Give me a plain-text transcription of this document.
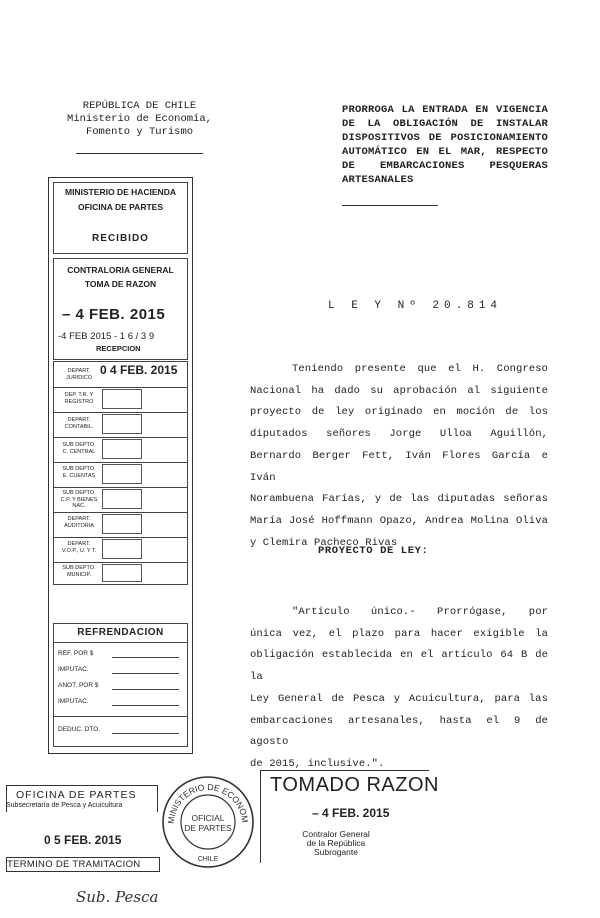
REPÚBLICA DE CHILE
Ministerio de Economía,
Fomento y Turismo
PRORROGA LA ENTRADA EN VIGENCIA DE LA OBLIGACIÓN DE INSTALAR DISPOSITIVOS DE POSICIONAMIENTO AUTOMÁTICO EN EL MAR, RESPECTO DE EMBARCACIONES PESQUERAS ARTESANALES
MINISTERIO DE HACIENDA
OFICINA DE PARTES
RECIBIDO
CONTRALORIA GENERAL
TOMA DE RAZON
– 4 FEB. 2015
-4 FEB 2015 - 1 6 / 3 9
RECEPCION
DEPART. JURIDICO
0 4 FEB. 2015
DEP. T.R. Y REGISTRO
DEPART. CONTABIL.
SUB DEPTO. C. CENTRAL
SUB DEPTO. E. CUENTAS
SUB DEPTO. C.P. Y BIENES NAC.
DEPART. AUDITORIA
DEPART. V.O.P., U. Y T.
SUB DEPTO. MUNICIP.
REFRENDACION
REF. POR $
IMPUTAC.
ANOT. POR $
IMPUTAC.
DEDUC. DTO.
L E Y Nº 20.814
Teniendo presente que el H. Congreso
Nacional ha dado su aprobación al siguiente
proyecto de ley originado en moción de los
diputados señores Jorge Ulloa Aguillón,
Bernardo Berger Fett, Iván Flores García e Iván
Norambuena Farías, y de las diputadas señoras
María José Hoffmann Opazo, Andrea Molina Oliva
y Clemira Pacheco Rivas
PROYECTO DE LEY:
"Artículo único.- Prorrógase, por
única vez, el plazo para hacer exigible la
obligación establecida en el artículo 64 B de la
Ley General de Pesca y Acuicultura, para las
embarcaciones artesanales, hasta el 9 de agosto
de 2015, inclusive.".
OFICINA DE PARTES
Subsecretaría de Pesca y Acuicultura
0 5 FEB. 2015
TERMINO DE TRAMITACION
MINISTERIO DE ECONOM
OFICIAL
DE PARTES
CHILE
TOMADO RAZON
– 4 FEB. 2015
Contralor General
de la República
Subrogante
Sub. Pesca
